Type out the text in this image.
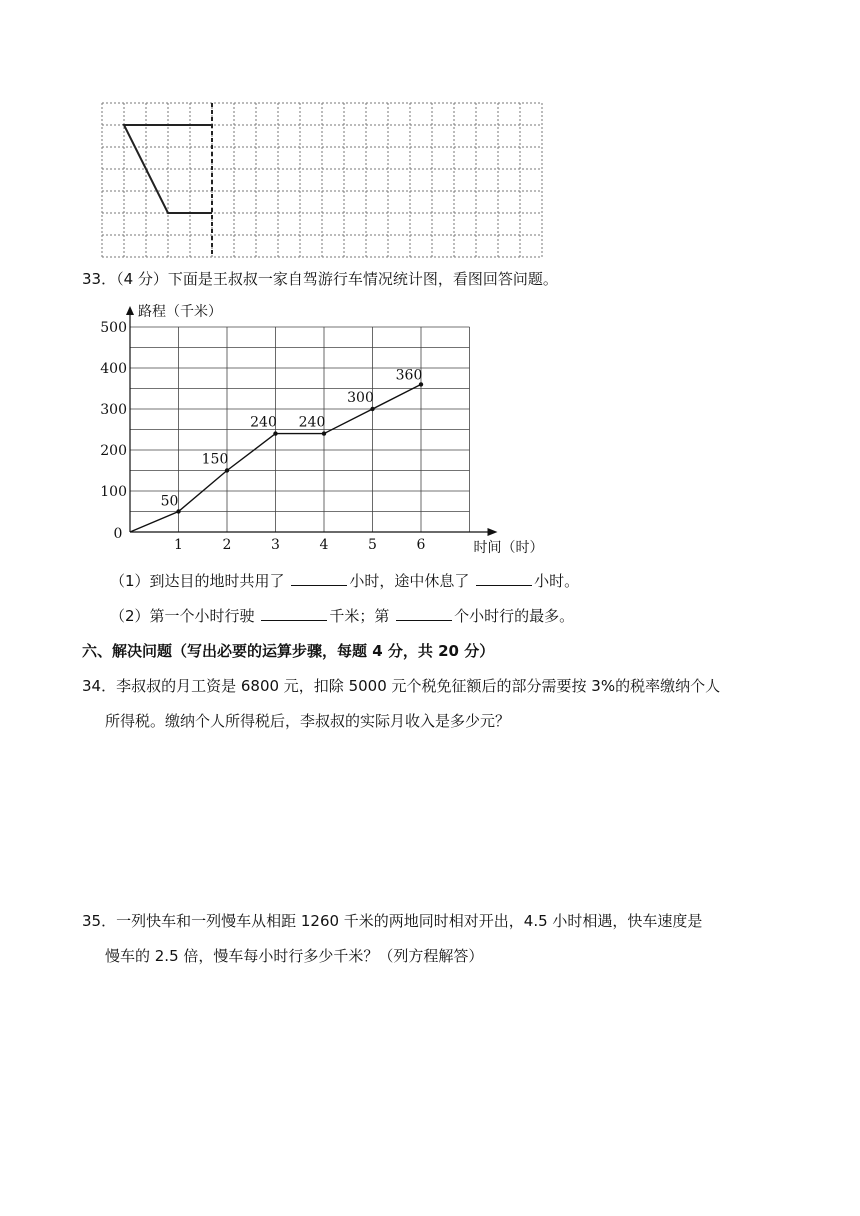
33．（4 分）下面是王叔叔一家自驾游行车情况统计图，看图回答问题。
路程（千米）
时间（时）
0
1	2	3	4	5	6
100
200
300
400
500
50
150
240 240
300
360
（1）到达目的地时共用了	小时，途中休息了	小时。
（2）第一个小时行驶	千米；第	个小时行的最多。
六、解决问题（写出必要的运算步骤，每题 4 分，共 20 分）
34．李叔叔的月工资是 6800 元，扣除 5000 元个税免征额后的部分需要按 3%的税率缴纳个人
所得税。缴纳个人所得税后，李叔叔的实际月收入是多少元？
35．一列快车和一列慢车从相距 1260 千米的两地同时相对开出，4.5 小时相遇，快车速度是
慢车的 2.5 倍，慢车每小时行多少千米？（列方程解答）
